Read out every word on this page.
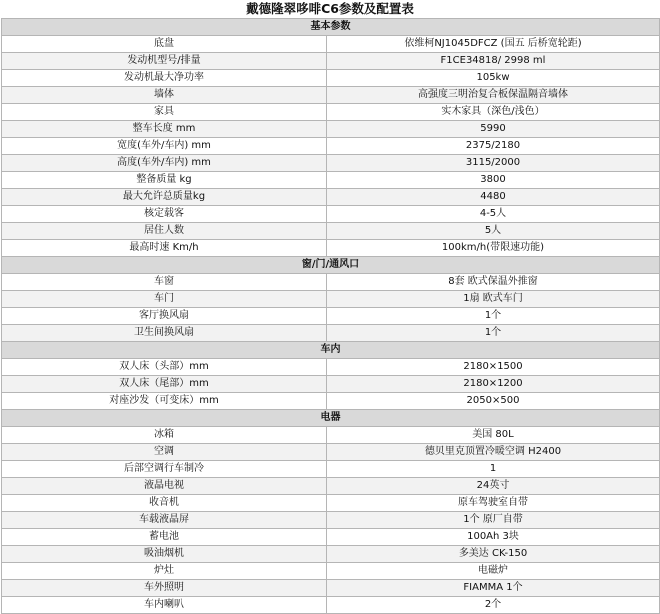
戴德隆翠哆啡C6参数及配置表
基本参数	
底盘	依维柯NJ1045DFCZ (国五 后桥宽轮距)
发动机型号/排量	F1CE34818/ 2998 ml
发动机最大净功率	105kw
墙体	高强度三明治复合板保温隔音墙体
家具	实木家具（深色/浅色）
整车长度 mm	5990
宽度(车外/车内) mm	2375/2180
高度(车外/车内) mm	3115/2000
整备质量 kg	3800
最大允许总质量kg	4480
核定载客	4-5人
居住人数	5人
最高时速 Km/h	100km/h(带限速功能)
窗/门/通风口	
车窗	8套 欧式保温外推窗
车门	1扇 欧式车门
客厅换风扇	1个
卫生间换风扇	1个
车内	
双人床（头部）mm	2180×1500
双人床（尾部）mm	2180×1200
对座沙发（可变床）mm	2050×500
电器	
冰箱	美国 80L
空调	德贝里克顶置冷暖空调 H2400
后部空调行车制冷	1
液晶电视	24英寸
收音机	原车驾驶室自带
车载液晶屏	1个 原厂自带
蓄电池	100Ah 3块
吸油烟机	多美达 CK-150
炉灶	电磁炉
车外照明	FIAMMA 1个
车内喇叭	2个
